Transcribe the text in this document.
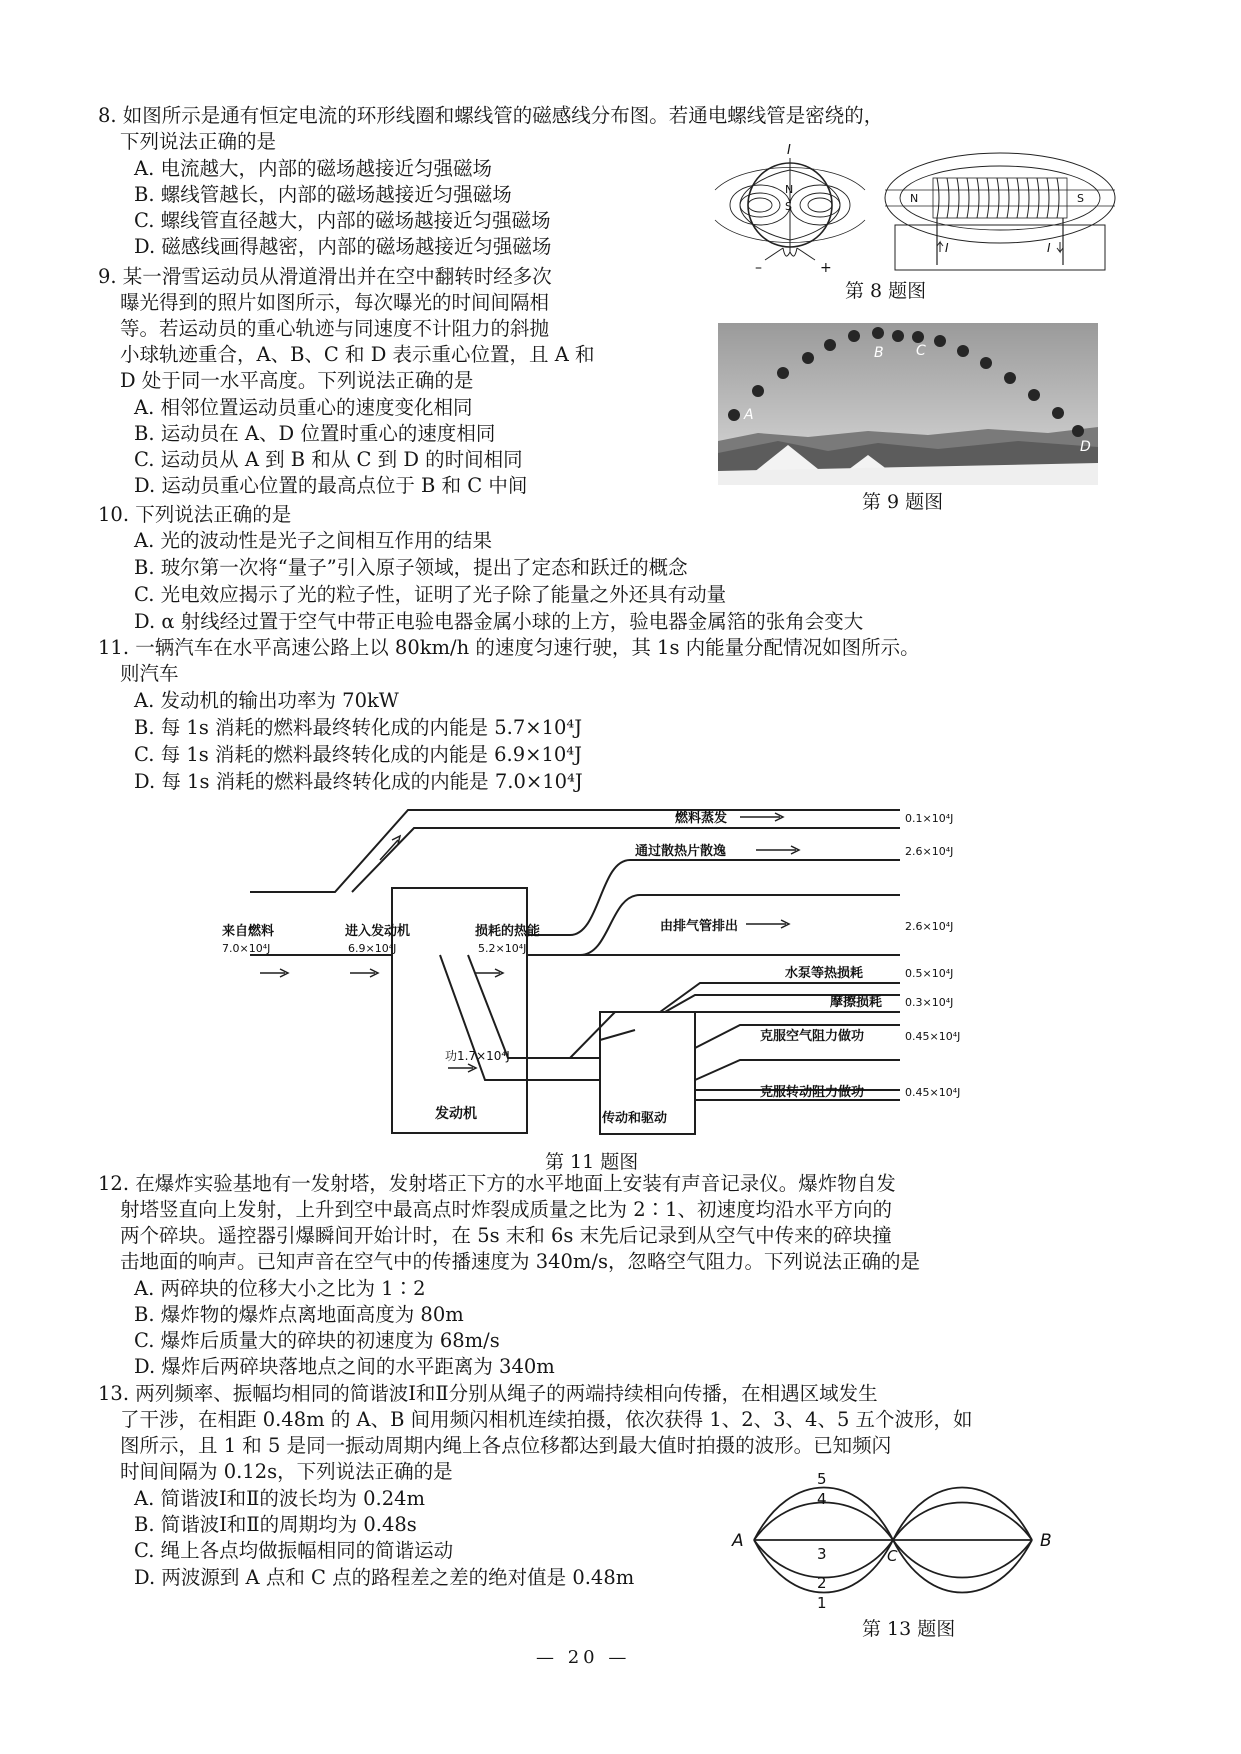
8. 如图所示是通有恒定电流的环形线圈和螺线管的磁感线分布图。若通电螺线管是密绕的，
下列说法正确的是
A. 电流越大，内部的磁场越接近匀强磁场
B. 螺线管越长，内部的磁场越接近匀强磁场
C. 螺线管直径越大，内部的磁场越接近匀强磁场
D. 磁感线画得越密，内部的磁场越接近匀强磁场
I
N
S
–	+
N	S
I	I
第 8 题图
9. 某一滑雪运动员从滑道滑出并在空中翻转时经多次
曝光得到的照片如图所示，每次曝光的时间间隔相
等。若运动员的重心轨迹与同速度不计阻力的斜抛
小球轨迹重合，A、B、C 和 D 表示重心位置，且 A 和
D 处于同一水平高度。下列说法正确的是
A. 相邻位置运动员重心的速度变化相同
B. 运动员在 A、D 位置时重心的速度相同
C. 运动员从 A 到 B 和从 C 到 D 的时间相同
D. 运动员重心位置的最高点位于 B 和 C 中间
A
B C
D
第 9 题图
10. 下列说法正确的是
A. 光的波动性是光子之间相互作用的结果
B. 玻尔第一次将“量子”引入原子领域，提出了定态和跃迁的概念
C. 光电效应揭示了光的粒子性，证明了光子除了能量之外还具有动量
D. α 射线经过置于空气中带正电验电器金属小球的上方，验电器金属箔的张角会变大
11. 一辆汽车在水平高速公路上以 80km/h 的速度匀速行驶，其 1s 内能量分配情况如图所示。
则汽车
A. 发动机的输出功率为 70kW
B. 每 1s 消耗的燃料最终转化成的内能是 5.7×10⁴J
C. 每 1s 消耗的燃料最终转化成的内能是 6.9×10⁴J
D. 每 1s 消耗的燃料最终转化成的内能是 7.0×10⁴J
来自燃料
7.0×10⁴J
进入发动机
6.9×10⁴J
损耗的热能
5.2×10⁴J
功1.7×10⁴J
发动机	传动和驱动
燃料蒸发	0.1×10⁴J
通过散热片散逸	2.6×10⁴J
由排气管排出	2.6×10⁴J
水泵等热损耗	0.5×10⁴J
摩擦损耗 0.3×10⁴J
克服空气阻力做功	0.45×10⁴J
克服转动阻力做功	0.45×10⁴J
第 11 题图
12. 在爆炸实验基地有一发射塔，发射塔正下方的水平地面上安装有声音记录仪。爆炸物自发
射塔竖直向上发射，上升到空中最高点时炸裂成质量之比为 2∶1、初速度均沿水平方向的
两个碎块。遥控器引爆瞬间开始计时，在 5s 末和 6s 末先后记录到从空气中传来的碎块撞
击地面的响声。已知声音在空气中的传播速度为 340m/s，忽略空气阻力。下列说法正确的是
A. 两碎块的位移大小之比为 1∶2
B. 爆炸物的爆炸点离地面高度为 80m
C. 爆炸后质量大的碎块的初速度为 68m/s
D. 爆炸后两碎块落地点之间的水平距离为 340m
13. 两列频率、振幅均相同的简谐波Ⅰ和Ⅱ分别从绳子的两端持续相向传播，在相遇区域发生
了干涉，在相距 0.48m 的 A、B 间用频闪相机连续拍摄，依次获得 1、2、3、4、5 五个波形，如
图所示，且 1 和 5 是同一振动周期内绳上各点位移都达到最大值时拍摄的波形。已知频闪
时间间隔为 0.12s，下列说法正确的是
A. 简谐波Ⅰ和Ⅱ的波长均为 0.24m
B. 简谐波Ⅰ和Ⅱ的周期均为 0.48s
C. 绳上各点均做振幅相同的简谐运动
D. 两波源到 A 点和 C 点的路程差之差的绝对值是 0.48m
A	B
C
5
4
3
2
1
第 13 题图
— 20 —
